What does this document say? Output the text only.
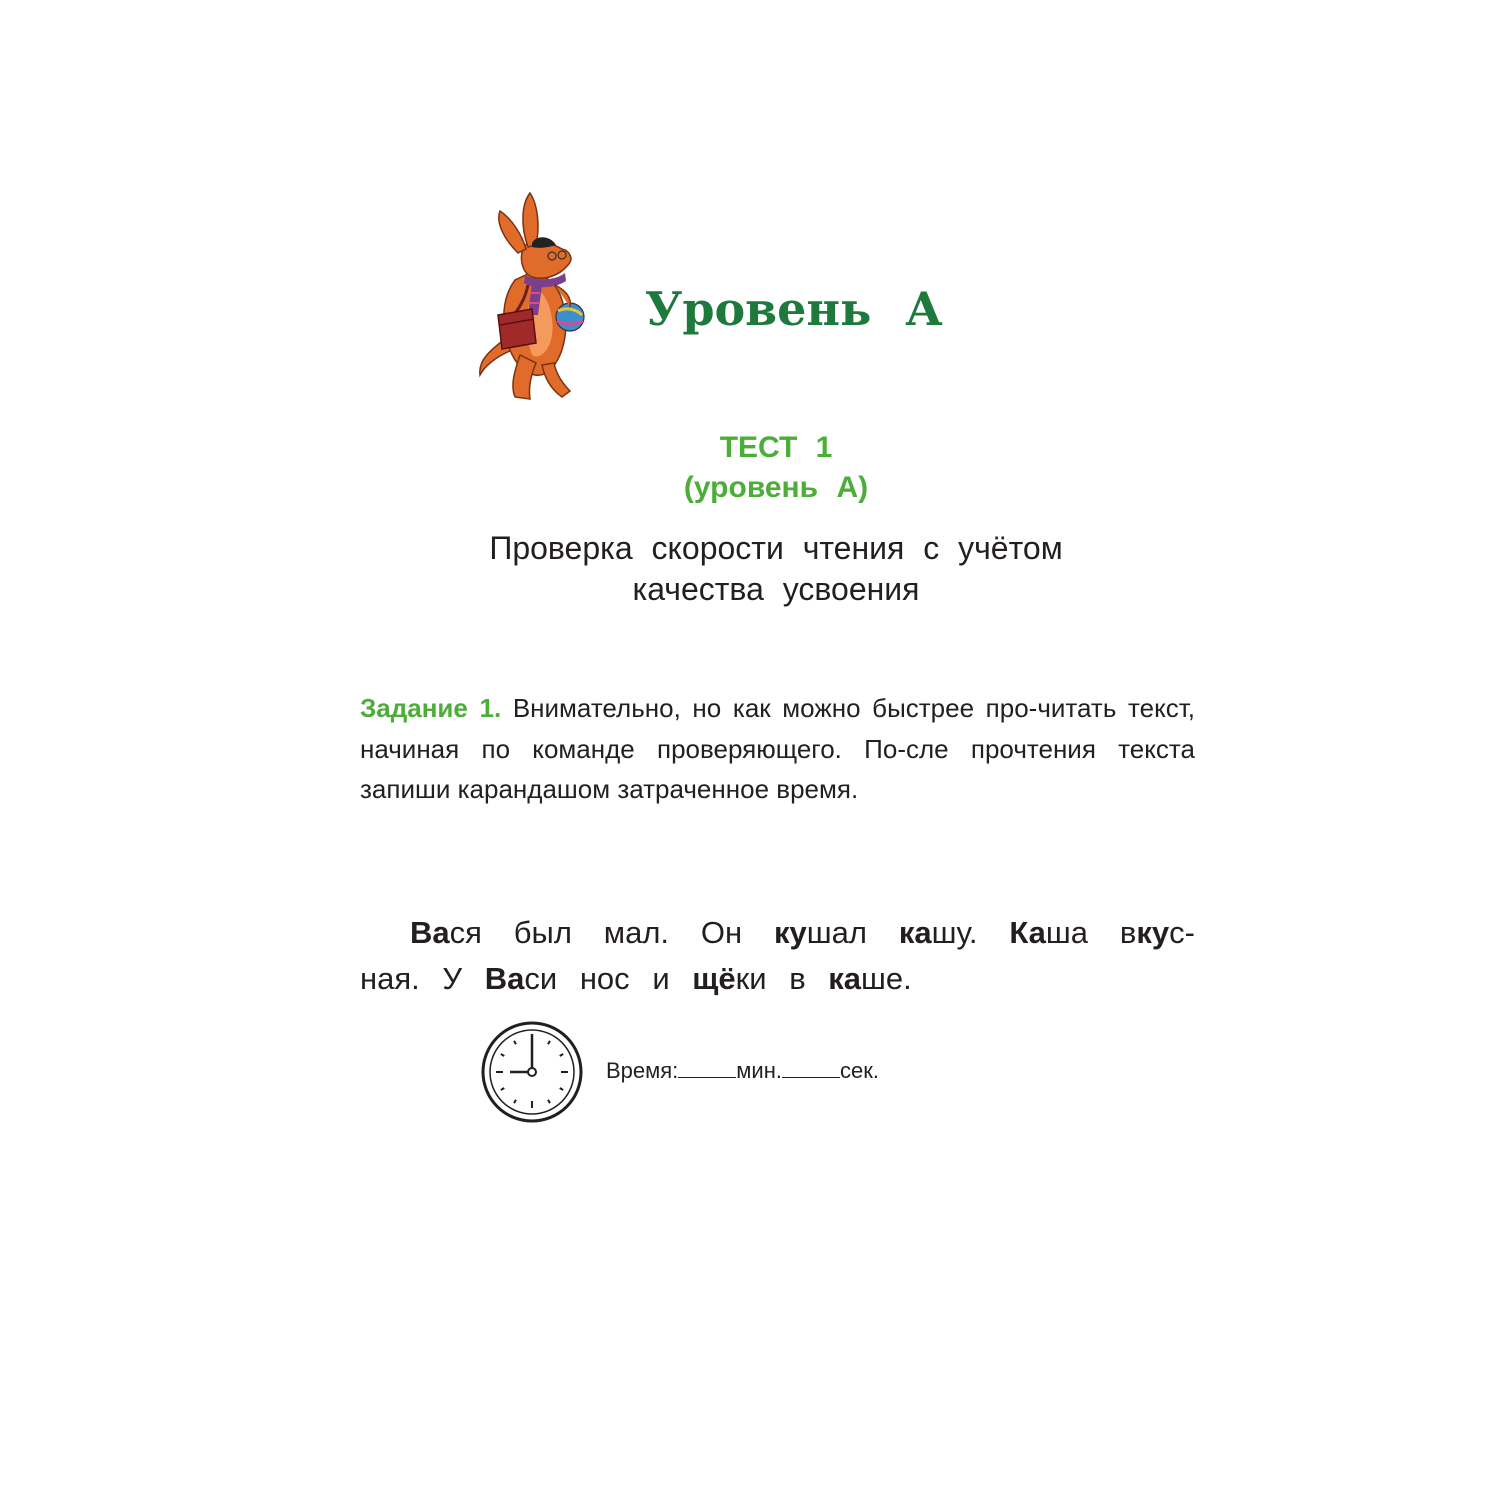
Уровень А
ТЕСТ 1
(уровень А)
Проверка скорости чтения с учётом
качества усвоения

Задание 1. Внимательно, но как можно быстрее про-читать текст, начиная по команде проверяющего. По-сле прочтения текста запиши карандашом затраченное время.

Вася был мал. Он кушал кашу. Каша вкус-
ная. У Васи нос и щёки в каше.
Время:	мин.	сек.
